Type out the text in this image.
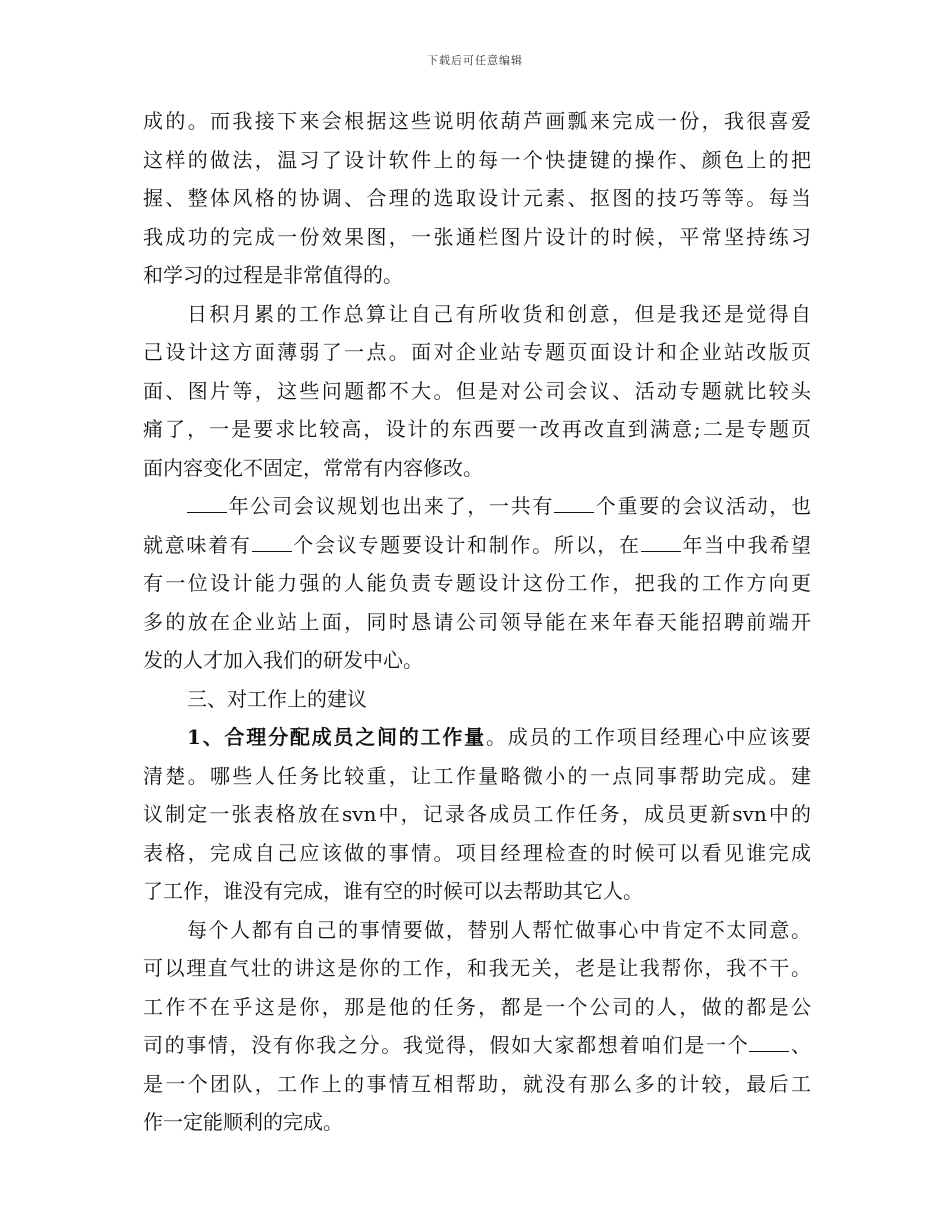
下载后可任意编辑
成的。而我接下来会根据这些说明依葫芦画瓢来完成一份，我很喜爱
这样的做法，温习了设计软件上的每一个快捷键的操作、颜色上的把
握、整体风格的协调、合理的选取设计元素、抠图的技巧等等。每当
我成功的完成一份效果图，一张通栏图片设计的时候，平常坚持练习
和学习的过程是非常值得的。
日积月累的工作总算让自己有所收货和创意，但是我还是觉得自
己设计这方面薄弱了一点。面对企业站专题页面设计和企业站改版页
面、图片等，这些问题都不大。但是对公司会议、活动专题就比较头
痛了，一是要求比较高，设计的东西要一改再改直到满意;二是专题页
面内容变化不固定，常常有内容修改。
年公司会议规划也出来了，一共有 个重要的会议活动，也
就意味着有 个会议专题要设计和制作。所以，在 年当中我希望
有一位设计能力强的人能负责专题设计这份工作，把我的工作方向更
多的放在企业站上面，同时恳请公司领导能在来年春天能招聘前端开
发的人才加入我们的研发中心。
三、对工作上的建议
1、合理分配成员之间的工作量。成员的工作项目经理心中应该要
清楚。哪些人任务比较重，让工作量略微小的一点同事帮助完成。建
议制定一张表格放在svn中，记录各成员工作任务，成员更新svn中的
表格，完成自己应该做的事情。项目经理检查的时候可以看见谁完成
了工作，谁没有完成，谁有空的时候可以去帮助其它人。
每个人都有自己的事情要做，替别人帮忙做事心中肯定不太同意。
可以理直气壮的讲这是你的工作，和我无关，老是让我帮你，我不干。
工作不在乎这是你，那是他的任务，都是一个公司的人，做的都是公
司的事情，没有你我之分。我觉得，假如大家都想着咱们是一个 、
是一个团队，工作上的事情互相帮助，就没有那么多的计较，最后工
作一定能顺利的完成。
